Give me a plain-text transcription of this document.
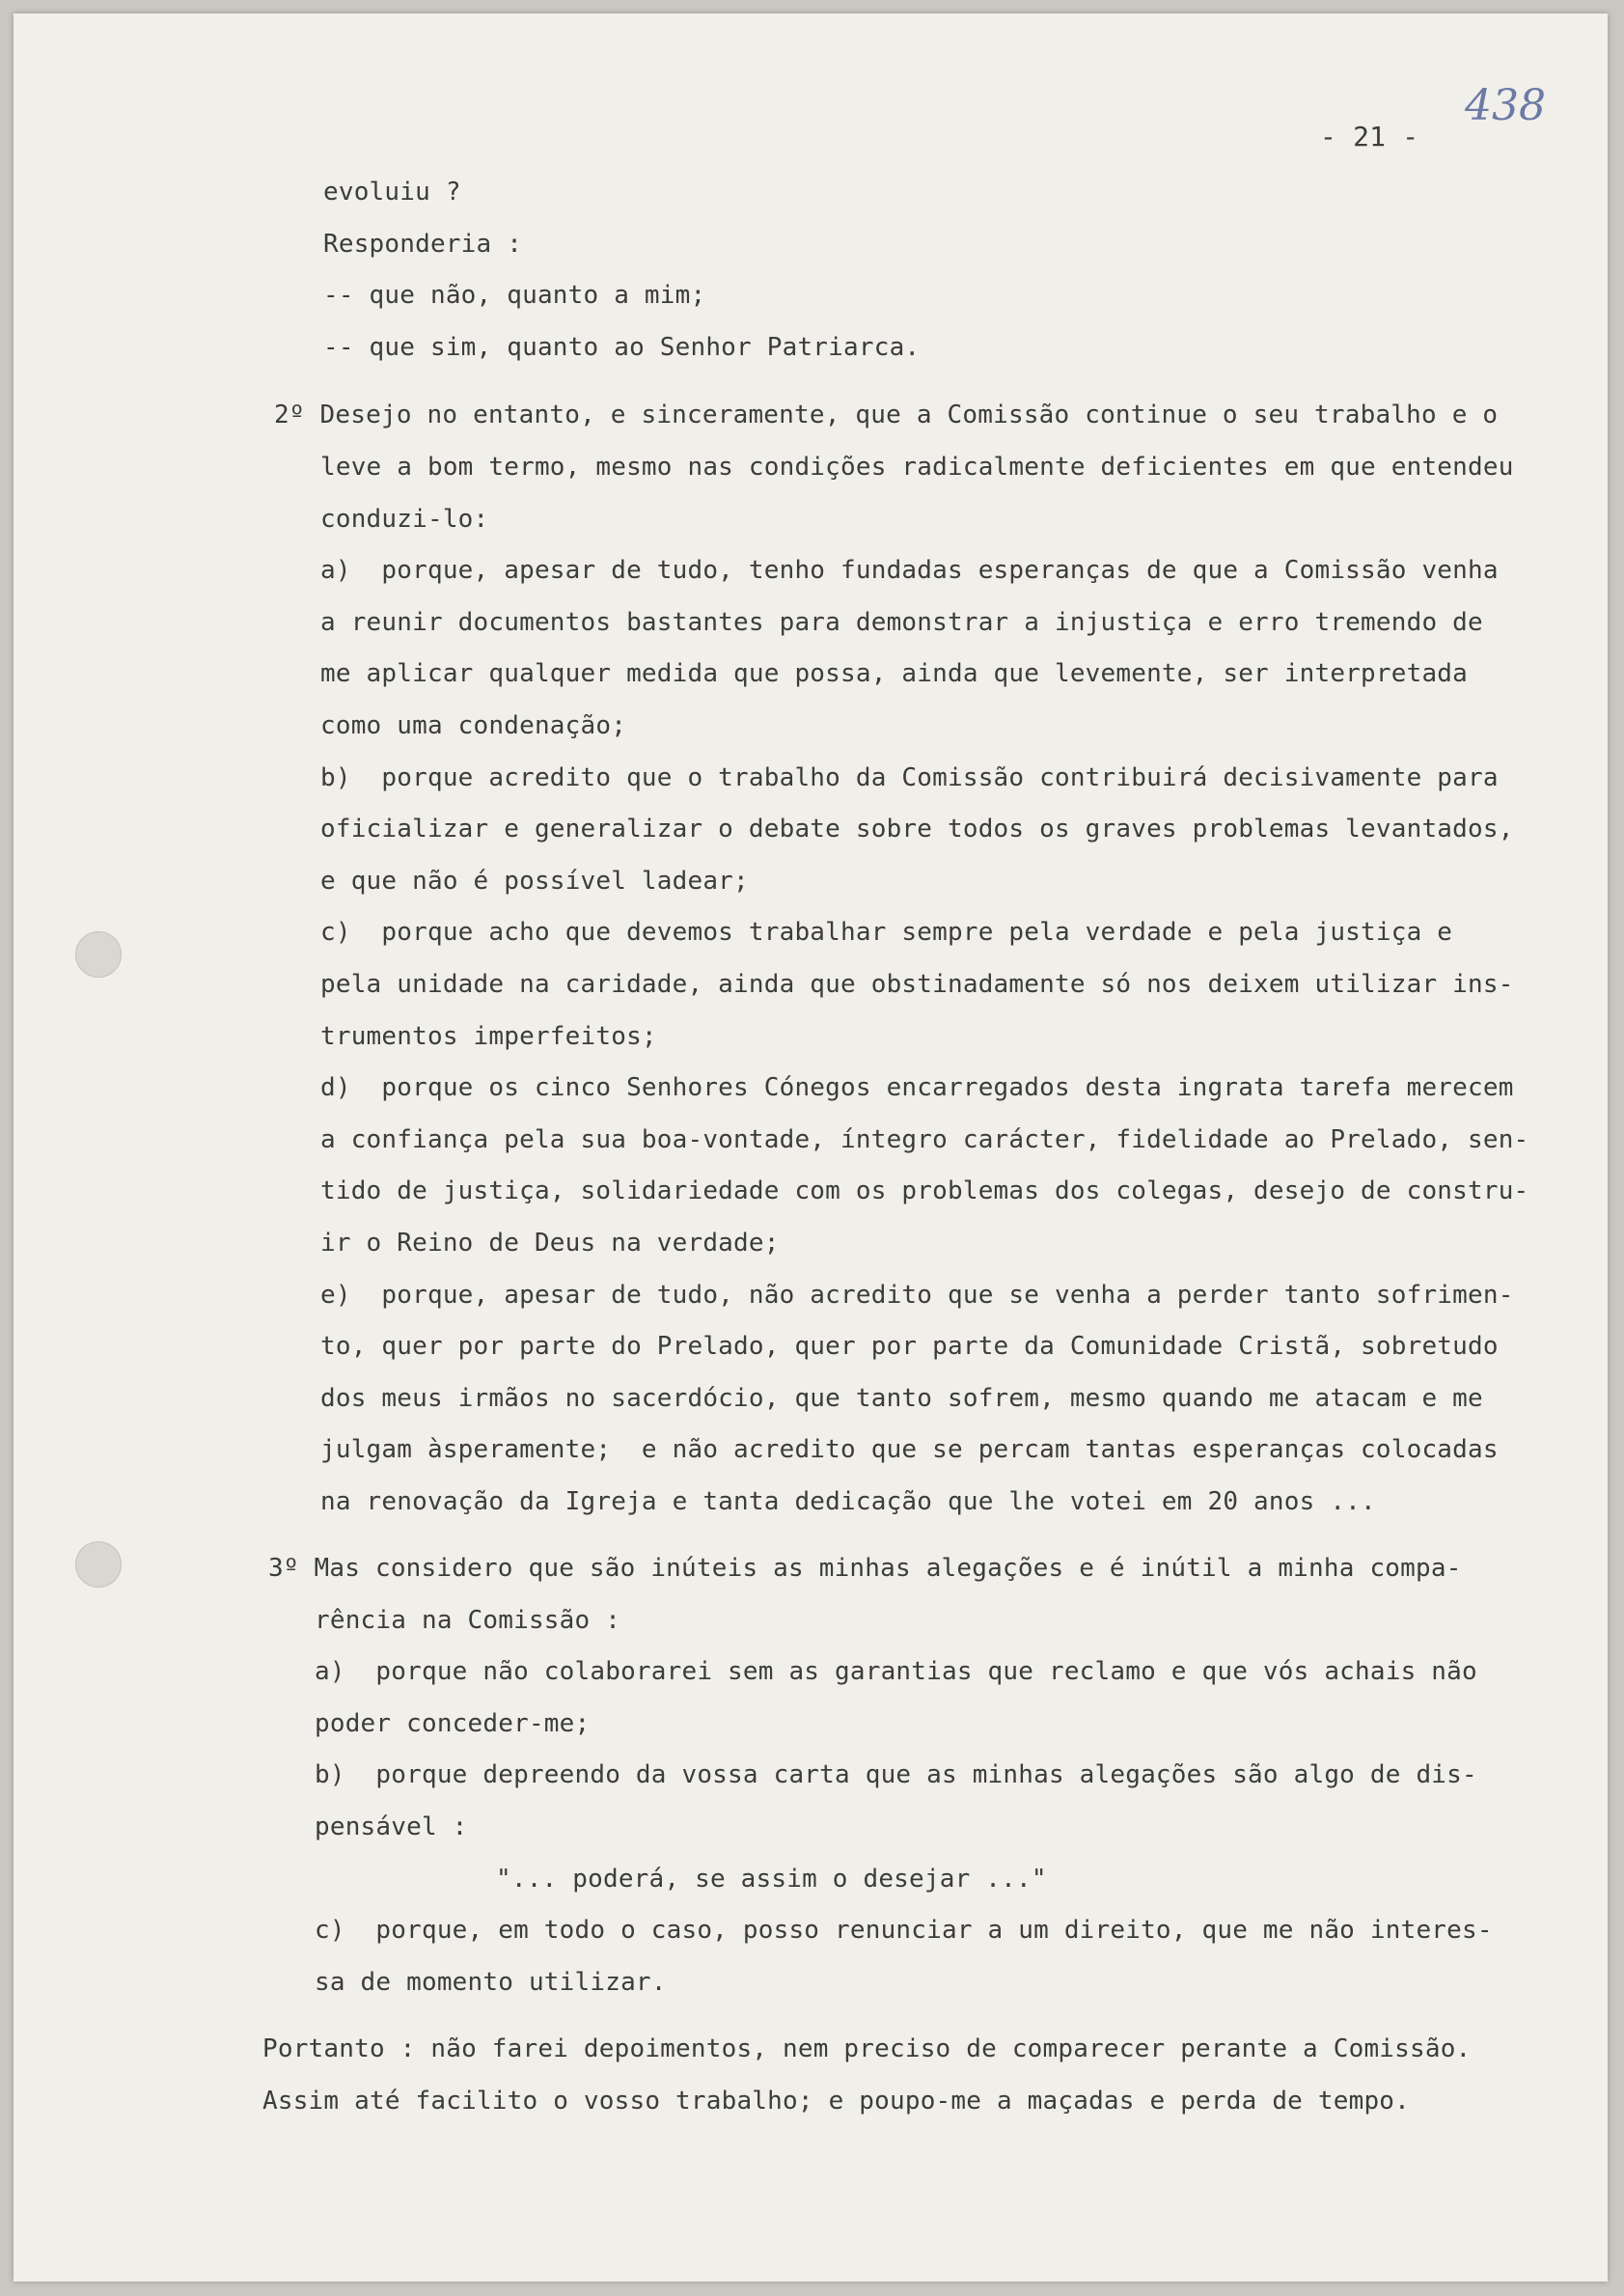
- 21 -
438
evoluiu ?
Responderia :
-- que não, quanto a mim;
-- que sim, quanto ao Senhor Patriarca.
2º Desejo no entanto, e sinceramente, que a Comissão continue o seu trabalho e o
leve a bom termo, mesmo nas condições radicalmente deficientes em que entendeu
conduzi-lo:
a)  porque, apesar de tudo, tenho fundadas esperanças de que a Comissão venha
a reunir documentos bastantes para demonstrar a injustiça e erro tremendo de
me aplicar qualquer medida que possa, ainda que levemente, ser interpretada
como uma condenação;
b)  porque acredito que o trabalho da Comissão contribuirá decisivamente para
oficializar e generalizar o debate sobre todos os graves problemas levantados,
e que não é possível ladear;
c)  porque acho que devemos trabalhar sempre pela verdade e pela justiça e
pela unidade na caridade, ainda que obstinadamente só nos deixem utilizar ins-
trumentos imperfeitos;
d)  porque os cinco Senhores Cónegos encarregados desta ingrata tarefa merecem
a confiança pela sua boa-vontade, íntegro carácter, fidelidade ao Prelado, sen-
tido de justiça, solidariedade com os problemas dos colegas, desejo de constru-
ir o Reino de Deus na verdade;
e)  porque, apesar de tudo, não acredito que se venha a perder tanto sofrimen-
to, quer por parte do Prelado, quer por parte da Comunidade Cristã, sobretudo
dos meus irmãos no sacerdócio, que tanto sofrem, mesmo quando me atacam e me
julgam àsperamente;  e não acredito que se percam tantas esperanças colocadas
na renovação da Igreja e tanta dedicação que lhe votei em 20 anos ...
3º Mas considero que são inúteis as minhas alegações e é inútil a minha compa-
rência na Comissão :
a)  porque não colaborarei sem as garantias que reclamo e que vós achais não
poder conceder-me;
b)  porque depreendo da vossa carta que as minhas alegações são algo de dis-
pensável :
"... poderá, se assim o desejar ..."
c)  porque, em todo o caso, posso renunciar a um direito, que me não interes-
sa de momento utilizar.
Portanto : não farei depoimentos, nem preciso de comparecer perante a Comissão.
Assim até facilito o vosso trabalho; e poupo-me a maçadas e perda de tempo.
